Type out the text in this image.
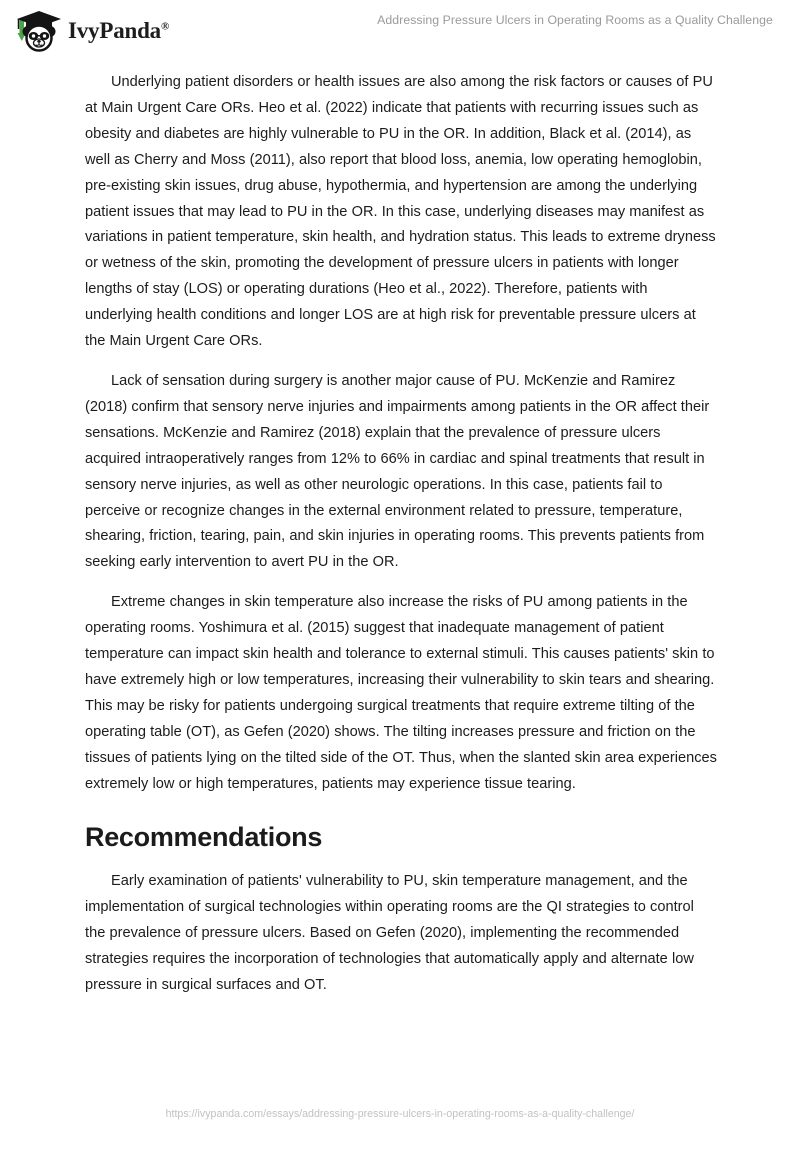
IvyPanda®	Addressing Pressure Ulcers in Operating Rooms as a Quality Challenge

Underlying patient disorders or health issues are also among the risk factors or causes of PU at Main Urgent Care ORs. Heo et al. (2022) indicate that patients with recurring issues such as obesity and diabetes are highly vulnerable to PU in the OR. In addition, Black et al. (2014), as well as Cherry and Moss (2011), also report that blood loss, anemia, low operating hemoglobin, pre-existing skin issues, drug abuse, hypothermia, and hypertension are among the underlying patient issues that may lead to PU in the OR. In this case, underlying diseases may manifest as variations in patient temperature, skin health, and hydration status. This leads to extreme dryness or wetness of the skin, promoting the development of pressure ulcers in patients with longer lengths of stay (LOS) or operating durations (Heo et al., 2022). Therefore, patients with underlying health conditions and longer LOS are at high risk for preventable pressure ulcers at the Main Urgent Care ORs.

Lack of sensation during surgery is another major cause of PU. McKenzie and Ramirez (2018) confirm that sensory nerve injuries and impairments among patients in the OR affect their sensations. McKenzie and Ramirez (2018) explain that the prevalence of pressure ulcers acquired intraoperatively ranges from 12% to 66% in cardiac and spinal treatments that result in sensory nerve injuries, as well as other neurologic operations. In this case, patients fail to perceive or recognize changes in the external environment related to pressure, temperature, shearing, friction, tearing, pain, and skin injuries in operating rooms. This prevents patients from seeking early intervention to avert PU in the OR.

Extreme changes in skin temperature also increase the risks of PU among patients in the operating rooms. Yoshimura et al. (2015) suggest that inadequate management of patient temperature can impact skin health and tolerance to external stimuli. This causes patients' skin to have extremely high or low temperatures, increasing their vulnerability to skin tears and shearing. This may be risky for patients undergoing surgical treatments that require extreme tilting of the operating table (OT), as Gefen (2020) shows. The tilting increases pressure and friction on the tissues of patients lying on the tilted side of the OT. Thus, when the slanted skin area experiences extremely low or high temperatures, patients may experience tissue tearing.

Recommendations

Early examination of patients' vulnerability to PU, skin temperature management, and the implementation of surgical technologies within operating rooms are the QI strategies to control the prevalence of pressure ulcers. Based on Gefen (2020), implementing the recommended strategies requires the incorporation of technologies that automatically apply and alternate low pressure in surgical surfaces and OT.

https://ivypanda.com/essays/addressing-pressure-ulcers-in-operating-rooms-as-a-quality-challenge/
